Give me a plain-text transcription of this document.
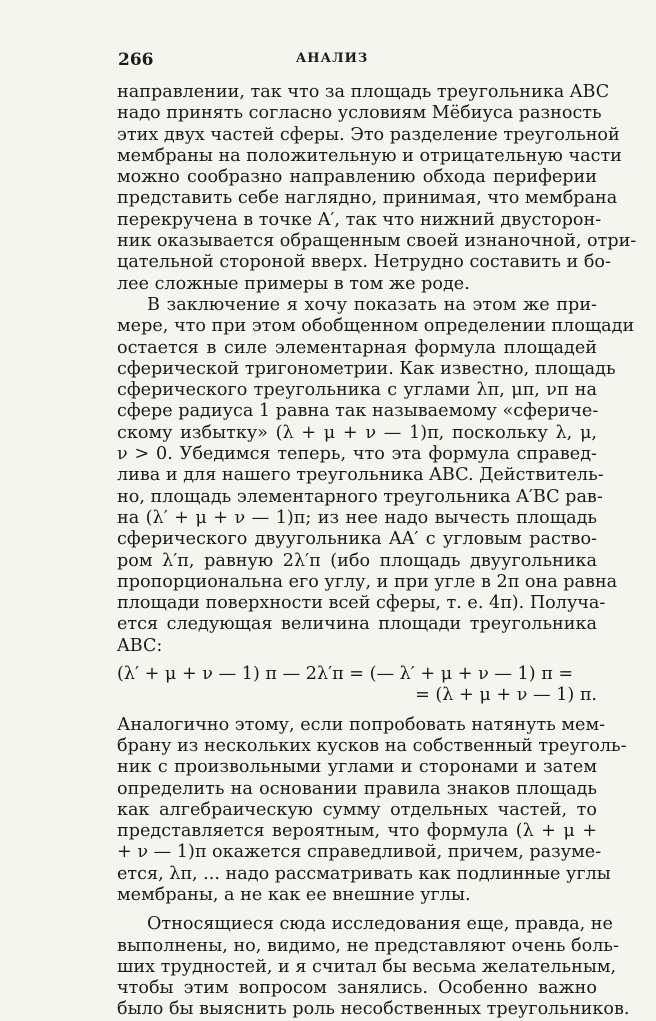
266	АНАЛИЗ
направлении, так что за площадь треугольника ABC
надо принять согласно условиям Мёбиуса разность
этих двух частей сферы. Это разделение треугольной
мембраны на положительную и отрицательную части
можно сообразно направлению обхода периферии
представить себе наглядно, принимая, что мембрана
перекручена в точке A′, так что нижний двусторон-
ник оказывается обращенным своей изнаночной, отри-
цательной стороной вверх. Нетрудно составить и бо-
лее сложные примеры в том же роде.
В заключение я хочу показать на этом же при-
мере, что при этом обобщенном определении площади
остается в силе элементарная формула площадей
сферической тригонометрии. Как известно, площадь
сферического треугольника с углами λπ, μπ, νπ на
сфере радиуса 1 равна так называемому «сфериче-
скому избытку» (λ + μ + ν — 1)π, поскольку λ, μ,
ν > 0. Убедимся теперь, что эта формула справед-
лива и для нашего треугольника ABC. Действитель-
но, площадь элементарного треугольника A′BC рав-
на (λ′ + μ + ν — 1)π; из нее надо вычесть площадь
сферического двуугольника AA′ с угловым раство-
ром λ′π, равную 2λ′π (ибо площадь двуугольника
пропорциональна его углу, и при угле в 2π она равна
площади поверхности всей сферы, т. е. 4π). Получа-
ется следующая величина площади треугольника
ABC:
(λ′ + μ + ν — 1) π — 2λ′π = (— λ′ + μ + ν — 1) π =
= (λ + μ + ν — 1) π.
Аналогично этому, если попробовать натянуть мем-
брану из нескольких кусков на собственный треуголь-
ник с произвольными углами и сторонами и затем
определить на основании правила знаков площадь
как алгебраическую сумму отдельных частей, то
представляется вероятным, что формула (λ + μ +
+ ν — 1)π окажется справедливой, причем, разуме-
ется, λπ, ... надо рассматривать как подлинные углы
мембраны, а не как ее внешние углы.
Относящиеся сюда исследования еще, правда, не
выполнены, но, видимо, не представляют очень боль-
ших трудностей, и я считал бы весьма желательным,
чтобы этим вопросом занялись. Особенно важно
было бы выяснить роль несобственных треугольников.
